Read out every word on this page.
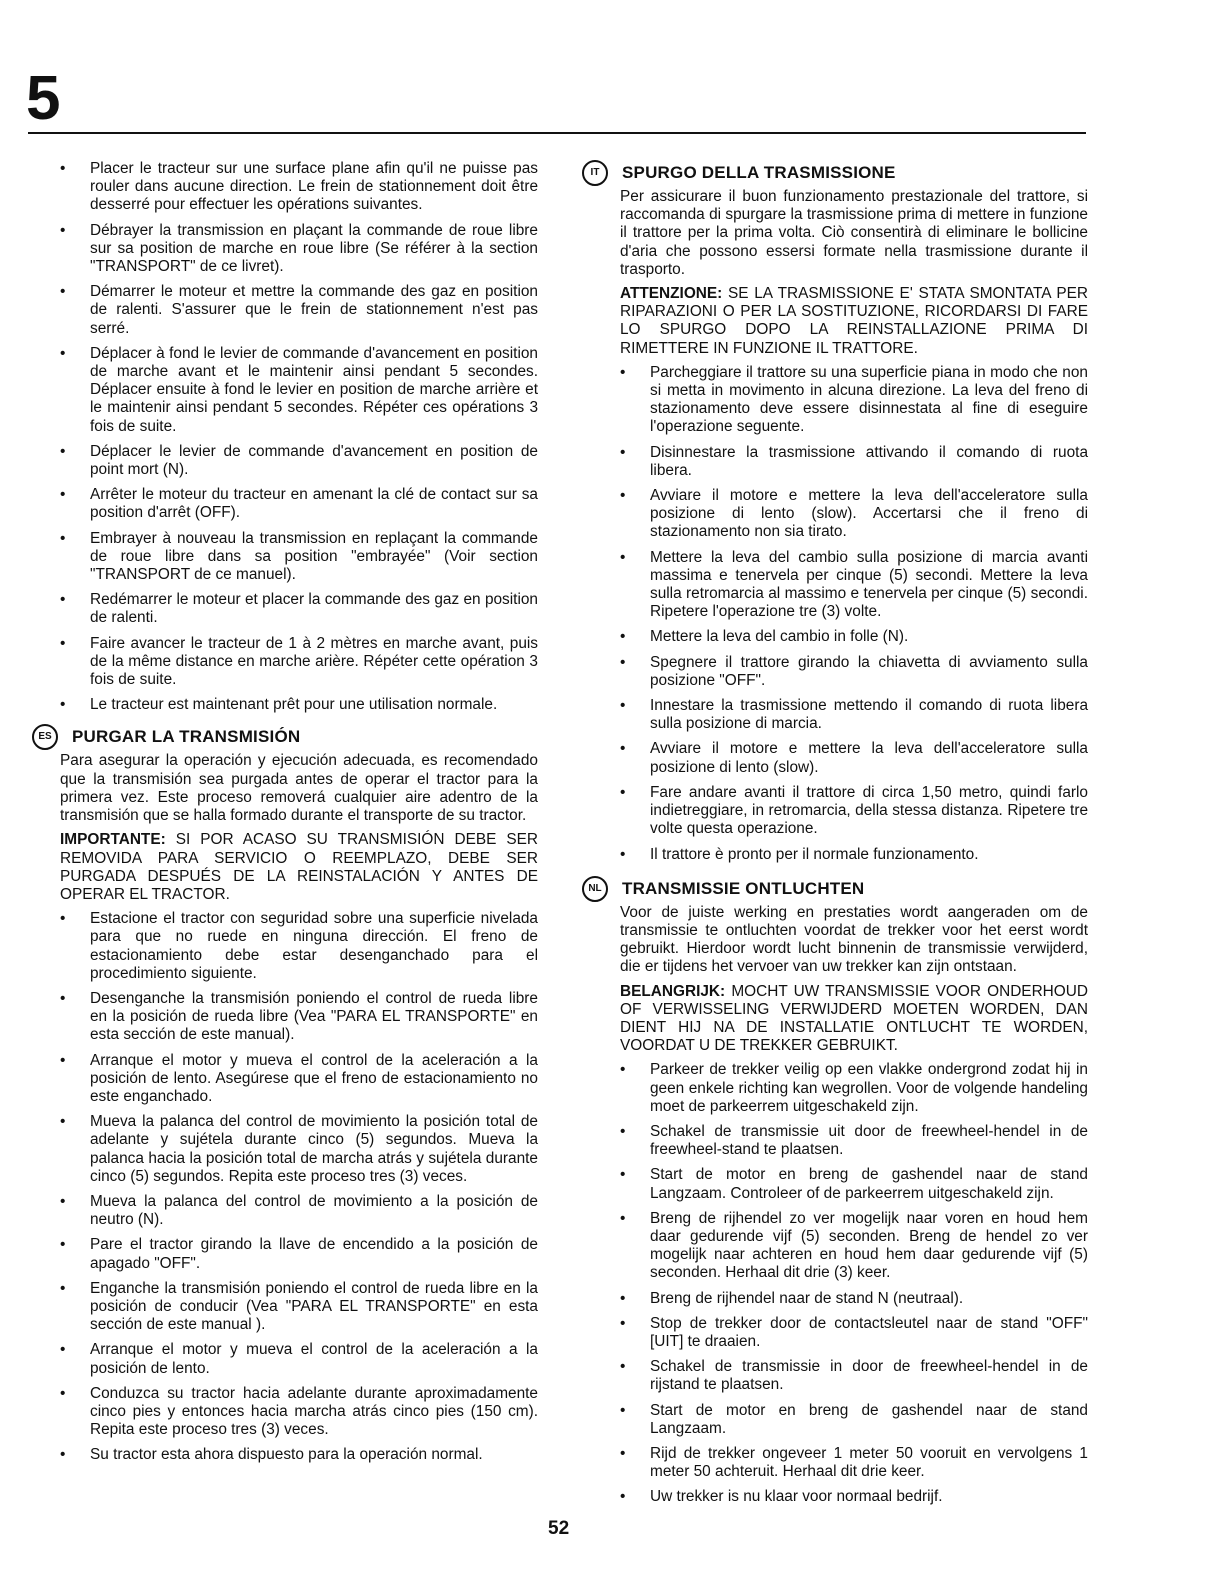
5
• Placer le tracteur sur une surface plane afin qu'il ne puisse pas rouler dans aucune direction. Le frein de stationnement doit être desserré pour effectuer les opérations suivantes.
• Débrayer la transmission en plaçant la commande de roue libre sur sa position de marche en roue libre (Se référer à la section "TRANSPORT" de ce livret).
• Démarrer le moteur et mettre la commande des gaz en position de ralenti. S'assurer que le frein de stationnement n'est pas serré.
• Déplacer à fond le levier de commande d'avancement en position de marche avant et le maintenir ainsi pendant 5 secondes. Déplacer ensuite à fond le levier en position de marche arrière et le maintenir ainsi pendant 5 secondes. Répéter ces opérations 3 fois de suite.
• Déplacer le levier de commande d'avancement en position de point mort (N).
• Arrêter le moteur du tracteur en amenant la clé de contact sur sa position d'arrêt (OFF).
• Embrayer à nouveau la transmission en replaçant la commande de roue libre dans sa position "embrayée" (Voir section "TRANSPORT de ce manuel).
• Redémarrer le moteur et placer la commande des gaz en position de ralenti.
• Faire avancer le tracteur de 1 à 2 mètres en marche avant, puis de la même distance en marche arière. Répéter cette opération 3 fois de suite.
• Le tracteur est maintenant prêt pour une utilisation normale.
ES	PURGAR LA TRANSMISIÓN

Para asegurar la operación y ejecución adecuada, es recomendado que la transmisión sea purgada antes de operar el tractor para la primera vez. Este proceso removerá cualquier aire adentro de la transmisión que se halla formado durante el transporte de su tractor.

IMPORTANTE: SI POR ACASO SU TRANSMISIÓN DEBE SER REMOVIDA PARA SERVICIO O REEMPLAZO, DEBE SER PURGADA DESPUÉS DE LA REINSTALACIÓN Y ANTES DE OPERAR EL TRACTOR.

• Estacione el tractor con seguridad sobre una superficie nivelada para que no ruede en ninguna dirección. El freno de estacionamiento debe estar desenganchado para el procedimiento siguiente.
• Desenganche la transmisión poniendo el control de rueda libre en la posición de rueda libre (Vea "PARA EL TRANSPORTE" en esta sección de este manual).
• Arranque el motor y mueva el control de la aceleración a la posición de lento. Asegúrese que el freno de estacionamiento no este enganchado.
• Mueva la palanca del control de movimiento la posición total de adelante y sujételа durante cinco (5) segundos. Mueva la palanca hacia la posición total de marcha atrás y sujétela durante cinco (5) segundos. Repita este proceso tres (3) veces.
• Mueva la palanca del control de movimiento a la posición de neutro (N).
• Pare el tractor girando la llave de encendido a la posición de apagado "OFF".
• Enganche la transmisión poniendo el control de rueda libre en la posición de conducir (Vea "PARA EL TRANSPORTE" en esta sección de este manual ).
• Arranque el motor y mueva el control de la aceleración a la posición de lento.
• Conduzca su tractor hacia adelante durante aproximadamente cinco pies y entonces hacia marcha atrás cinco pies (150 cm). Repita este proceso tres (3) veces.
• Su tractor esta ahora dispuesto para la operación normal.
IT	SPURGO DELLA TRASMISSIONE

Per assicurare il buon funzionamento prestazionale del trattore, si raccomanda di spurgare la trasmissione prima di mettere in funzione il trattore per la prima volta. Ciò consentirà di eliminare le bollicine d'aria che possono essersi formate nella trasmissione durante il trasporto.

ATTENZIONE: SE LA TRASMISSIONE E' STATA SMONTATA PER RIPARAZIONI O PER LA SOSTITUZIONE, RICORDARSI DI FARE LO SPURGO DOPO LA REINSTALLAZIONE PRIMA DI RIMETTERE IN FUNZIONE IL TRATTORE.

• Parcheggiare il trattore su una superficie piana in modo che non si metta in movimento in alcuna direzione. La leva del freno di stazionamento deve essere disinnestata al fine di eseguire l'operazione seguente.
• Disinnestare la trasmissione attivando il comando di ruota libera.
• Avviare il motore e mettere la leva dell'acceleratore sulla posizione di lento (slow). Accertarsi che il freno di stazionamento non sia tirato.
• Mettere la leva del cambio sulla posizione di marcia avanti massima e tenervela per cinque (5) secondi. Mettere la leva sulla retromarcia al massimo e tenervela per cinque (5) secondi. Ripetere l'operazione tre (3) volte.
• Mettere la leva del cambio in folle (N).
• Spegnere il trattore girando la chiavetta di avviamento sulla posizione "OFF".
• Innestare la trasmissione mettendo il comando di ruota libera sulla posizione di marcia.
• Avviare il motore e mettere la leva dell'acceleratore sulla posizione di lento (slow).
• Fare andare avanti il trattore di circa 1,50 metro, quindi farlo indietreggiare, in retromarcia, della stessa distanza. Ripetere tre volte questa operazione.
• Il trattore è pronto per il normale funzionamento.
NL	TRANSMISSIE ONTLUCHTEN

Voor de juiste werking en prestaties wordt aangeraden om de transmissie te ontluchten voordat de trekker voor het eerst wordt gebruikt. Hierdoor wordt lucht binnenin de transmissie verwijderd, die er tijdens het vervoer van uw trekker kan zijn ontstaan.

BELANGRIJK: MOCHT UW TRANSMISSIE VOOR ONDERHOUD OF VERWISSELING VERWIJDERD MOETEN WORDEN, DAN DIENT HIJ NA DE INSTALLATIE ONTLUCHT TE WORDEN, VOORDAT U DE TREKKER GEBRUIKT.

• Parkeer de trekker veilig op een vlakke ondergrond zodat hij in geen enkele richting kan wegrollen. Voor de volgende handeling moet de parkeerrem uitgeschakeld zijn.
• Schakel de transmissie uit door de freewheel-hendel in de freewheel-stand te plaatsen.
• Start de motor en breng de gashendel naar de stand Langzaam. Controleer of de parkeerrem uitgeschakeld zijn.
• Breng de rijhendel zo ver mogelijk naar voren en houd hem daar gedurende vijf (5) seconden. Breng de hendel zo ver mogelijk naar achteren en houd hem daar gedurende vijf (5) seconden. Herhaal dit drie (3) keer.
• Breng de rijhendel naar de stand N (neutraal).
• Stop de trekker door de contactsleutel naar de stand "OFF" [UIT] te draaien.
• Schakel de transmissie in door de freewheel-hendel in de rijstand te plaatsen.
• Start de motor en breng de gashendel naar de stand Langzaam.
• Rijd de trekker ongeveer 1 meter 50 vooruit en vervolgens 1 meter 50 achteruit. Herhaal dit drie keer.
• Uw trekker is nu klaar voor normaal bedrijf.
52
